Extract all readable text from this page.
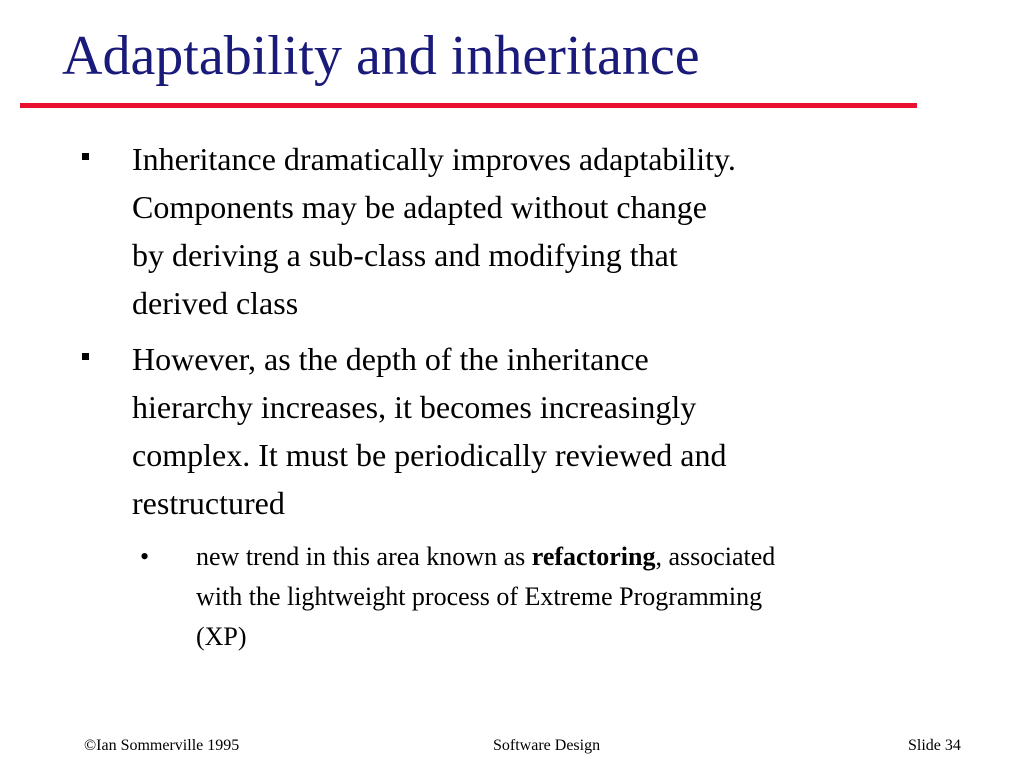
Adaptability and inheritance
Inheritance dramatically improves adaptability.
Components may be adapted without change
by deriving a sub-class and modifying that
derived class
However, as the depth of the inheritance
hierarchy increases, it becomes increasingly
complex. It must be periodically reviewed and
restructured
• new trend in this area known as refactoring, associated
with the lightweight process of Extreme Programming
(XP)
©Ian Sommerville 1995	Software Design	Slide 34
